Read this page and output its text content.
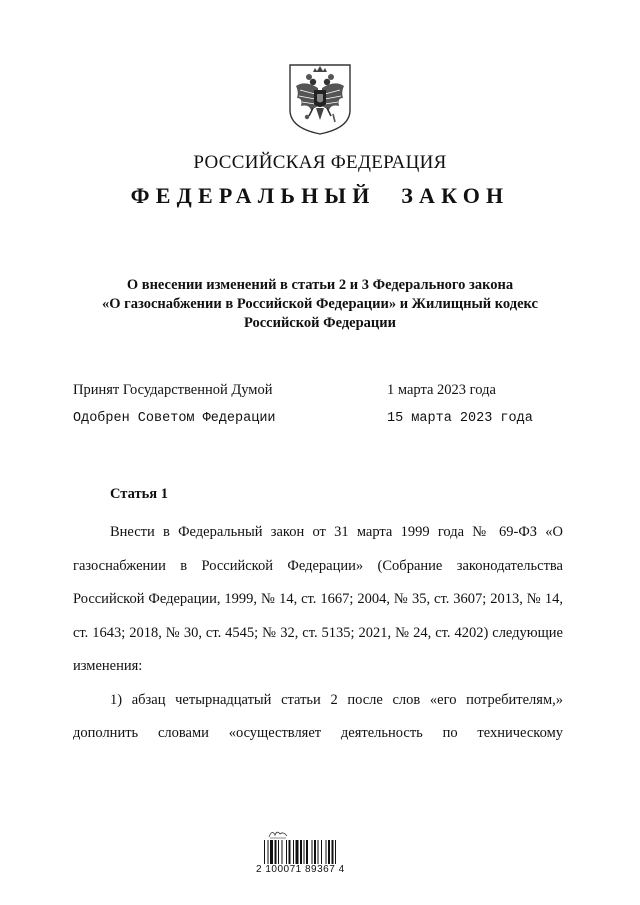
РОССИЙСКАЯ ФЕДЕРАЦИЯ
ФЕДЕРАЛЬНЫЙ ЗАКОН
О внесении изменений в статьи 2 и 3 Федерального закона
«О газоснабжении в Российской Федерации» и Жилищный кодекс
Российской Федерации
Принят Государственной Думой	1 марта 2023 года
Одобрен Советом Федерации	15 марта 2023 года
Статья 1

Внести в Федеральный закон от 31 марта 1999 года № 69-ФЗ «О газоснабжении в Российской Федерации» (Собрание законодательства Российской Федерации, 1999, № 14, ст. 1667; 2004, № 35, ст. 3607; 2013, № 14, ст. 1643; 2018, № 30, ст. 4545; № 32, ст. 5135; 2021, № 24, ст. 4202) следующие изменения:

1) абзац четырнадцатый статьи 2 после слов «его потребителям,» дополнить словами «осуществляет деятельность по техническому

2 100071 89367 4
